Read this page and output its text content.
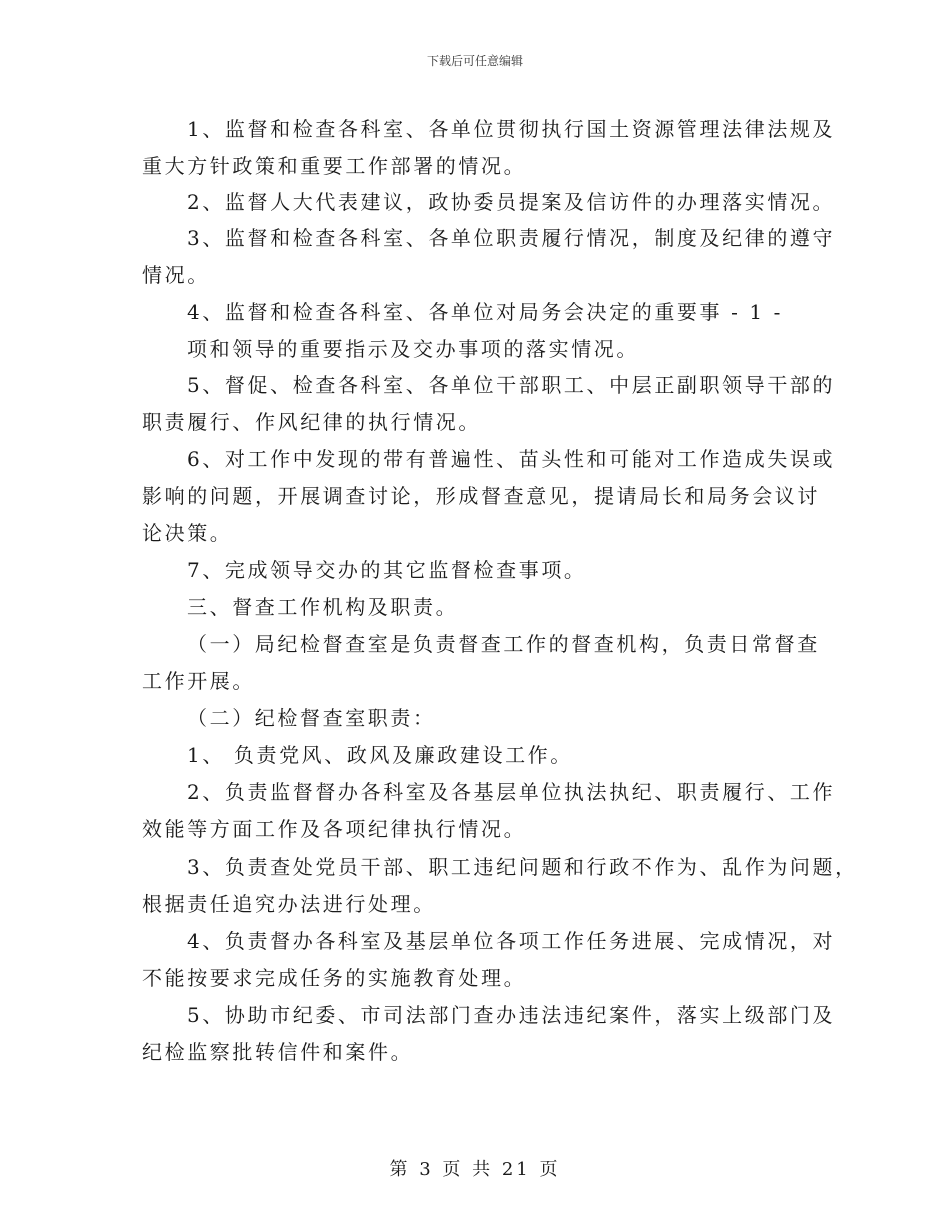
下载后可任意编辑
1、监督和检查各科室、各单位贯彻执行国土资源管理法律法规及
重大方针政策和重要工作部署的情况。
2、监督人大代表建议，政协委员提案及信访件的办理落实情况。
3、监督和检查各科室、各单位职责履行情况，制度及纪律的遵守
情况。
4、监督和检查各科室、各单位对局务会决定的重要事 - 1 -
项和领导的重要指示及交办事项的落实情况。
5、督促、检查各科室、各单位干部职工、中层正副职领导干部的
职责履行、作风纪律的执行情况。
6、对工作中发现的带有普遍性、苗头性和可能对工作造成失误或
影响的问题，开展调查讨论，形成督查意见，提请局长和局务会议讨
论决策。
7、完成领导交办的其它监督检查事项。
三、督查工作机构及职责。
（一）局纪检督查室是负责督查工作的督查机构，负责日常督查
工作开展。
（二）纪检督查室职责：
1、 负责党风、政风及廉政建设工作。
2、负责监督督办各科室及各基层单位执法执纪、职责履行、工作
效能等方面工作及各项纪律执行情况。
3、负责查处党员干部、职工违纪问题和行政不作为、乱作为问题，
根据责任追究办法进行处理。
4、负责督办各科室及基层单位各项工作任务进展、完成情况，对
不能按要求完成任务的实施教育处理。
5、协助市纪委、市司法部门查办违法违纪案件，落实上级部门及
纪检监察批转信件和案件。
第 3 页 共 21 页
